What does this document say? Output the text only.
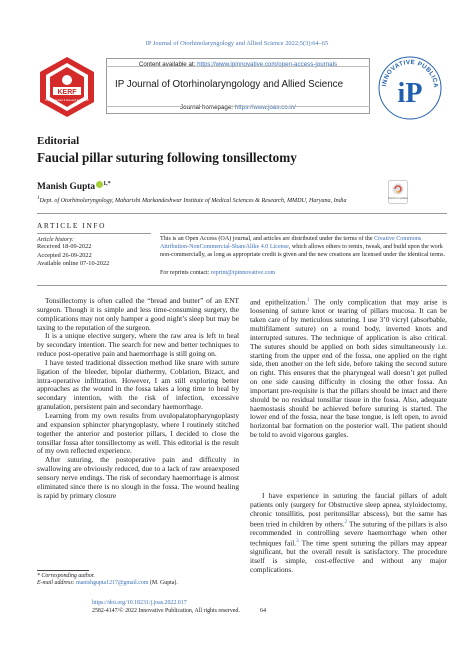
IP Journal of Otorhinolaryngology and Allied Science 2022;5(3):64–65
KERF
Khyati Education & Research Foundation
Content available at: https://www.ipinnovative.com/open-access-journals
IP Journal of Otorhinolaryngology and Allied Science
Journal homepage: https://www.joas.co.in/
INNOVATIVE PUBLICA
iP
Editorial
Faucial pillar suturing following tonsillectomy
Manish Gupta $^{1,*}$
Check for updates
$^1$Dept. of Otorhinolaryngology, Maharishi Markandeshwar Institute of Medical Sciences & Research, MMDU, Haryana, India
ARTICLE INFO
Article history:
Received 18-09-2022
Accepted 26-09-2022
Available online 07-10-2022
This is an Open Access (OA) journal, and articles are distributed under the terms of the Creative Commons Attribution-NonCommercial-ShareAlike 4.0 License, which allows others to remix, tweak, and build upon the work non-commercially, as long as appropriate credit is given and the new creations are licensed under the identical terms.
For reprints contact: reprint@ipinnovative.com

Tonsillectomy is often called the “bread and butter” of an ENT surgeon. Though it is simple and less time-consuming surgery, the complications may not only hamper a good night’s sleep but may be taxing to the reputation of the surgeon.

It is a unique elective surgery, where the raw area is left to heal by secondary intention. The search for new and better techniques to reduce post-operative pain and haemorrhage is still going on.

I have tested traditional dissection method like snare with suture ligation of the bleeder, bipolar diathermy, Coblation, Bizact, and intra-operative infiltration. However, I am still exploring better approaches as the wound in the fossa takes a long time to heal by secondary intention, with the risk of infection, excessive granulation, persistent pain and secondary haemorrhage.

Learning from my own results from uvulopalatopharyngoplasty and expansion sphincter pharyngoplasty, where I routinely stitched together the anterior and posterior pillars, I decided to close the tonsillar fossa after tonsillectomy as well. This editorial is the result of my own reflected experience.

After suturing, the postoperative pain and difficulty in swallowing are obviously reduced, due to a lack of raw area⁠exposed sensory nerve endings. The risk of secondary haemorrhage is almost eliminated since there is no slough in the fossa. The wound healing is rapid by primary closure

and epithelization.$^1$ The only complication that may arise is loosening of suture knot or tearing of pillars mucosa. It can be taken care of by meticulous suturing. I use 3’0 vicryl (absorbable, multifilament suture) on a round body, inverted knots and interrupted sutures. The technique of application is also critical. The sutures should be applied on both sides simultaneously i.e. starting from the upper end of the fossa, one applied on the right side, then another on the left side, before taking the second suture on right. This ensures that the pharyngeal wall doesn’t get pulled on one side causing difficulty in closing the other fossa. An important pre-requisite is that the pillars should be intact and there should be no residual tonsillar tissue in the fossa. Also, adequate haemostasis should be achieved before suturing is started. The lower end of the fossa, near the base tongue, is left open, to avoid horizontal bar formation on the posterior wall. The patient should be told to avoid vigorous gargles.

I have experience in suturing the faucial pillars of adult patients only (surgery for Obstructive sleep apnea, styloidectomy, chronic tonsillitis, post peritonsillar abscess), but the same has been tried in children by others.$^2$ The suturing of the pillars is also recommended in controlling severe haemorrhage when other techniques fail.$^3$ The time spent suturing the pillars may appear significant, but the overall result is satisfactory. The procedure itself is simple, cost-effective and without any major complications.

* Corresponding author.
E-mail address: manishgupta1217@gmail.com (M. Gupta).
https://doi.org/10.18231/j.joas.2022.017
2582-4147/© 2022 Innovative Publication, All rights reserved.	64
